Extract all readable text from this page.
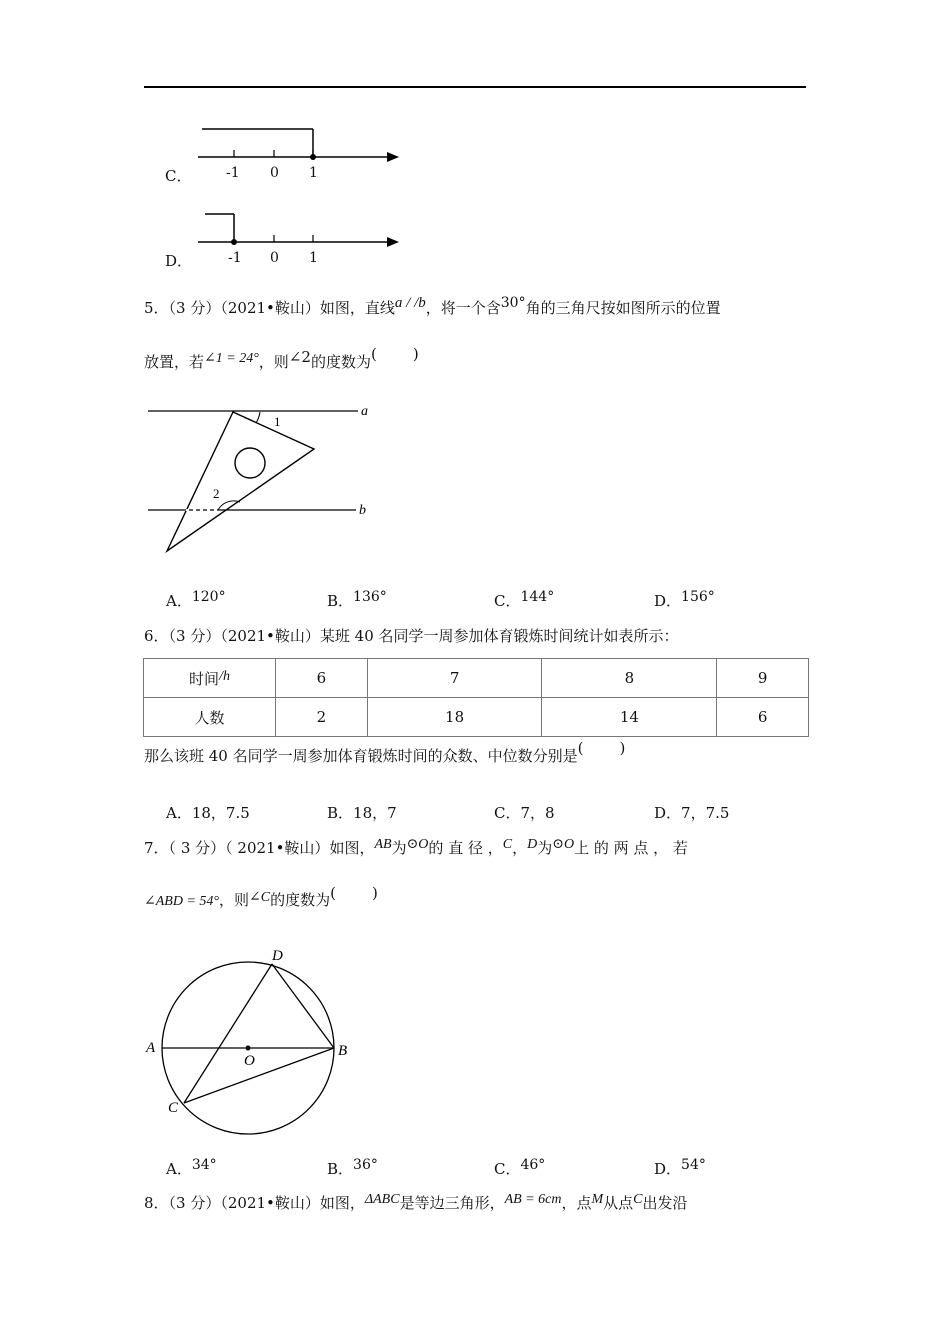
C． -1 0 1
D．	-1 0 1
5．（3 分）（2021•鞍山）如图，直线a / /b，将一个含30°角的三角尺按如图所示的位置
放置，若∠1 = 24°，则∠2的度数为( )
a
b
1
2
A．120°	B．136°	C．144°	D．156°
6．（3 分）（2021•鞍山）某班 40 名同学一周参加体育锻炼时间统计如表所示：
时间/h	6	7	8	9
人数	2	18	14	6
那么该班 40 名同学一周参加体育锻炼时间的众数、中位数分别是( )
A．18，7.5	B．18，7	C．7，8	D．7，7.5
7．（ 3 分）（ 2021•鞍山）如图，AB为⊙O的 直 径 ，C，D为⊙O上 的 两 点 ， 若
∠ABD = 54°，则∠C的度数为( )
A	B
C
D
O
A．34°	B．36°	C．46°	D．54°
8．（3 分）（2021•鞍山）如图，ΔABC是等边三角形，AB = 6cm，点M从点C出发沿
